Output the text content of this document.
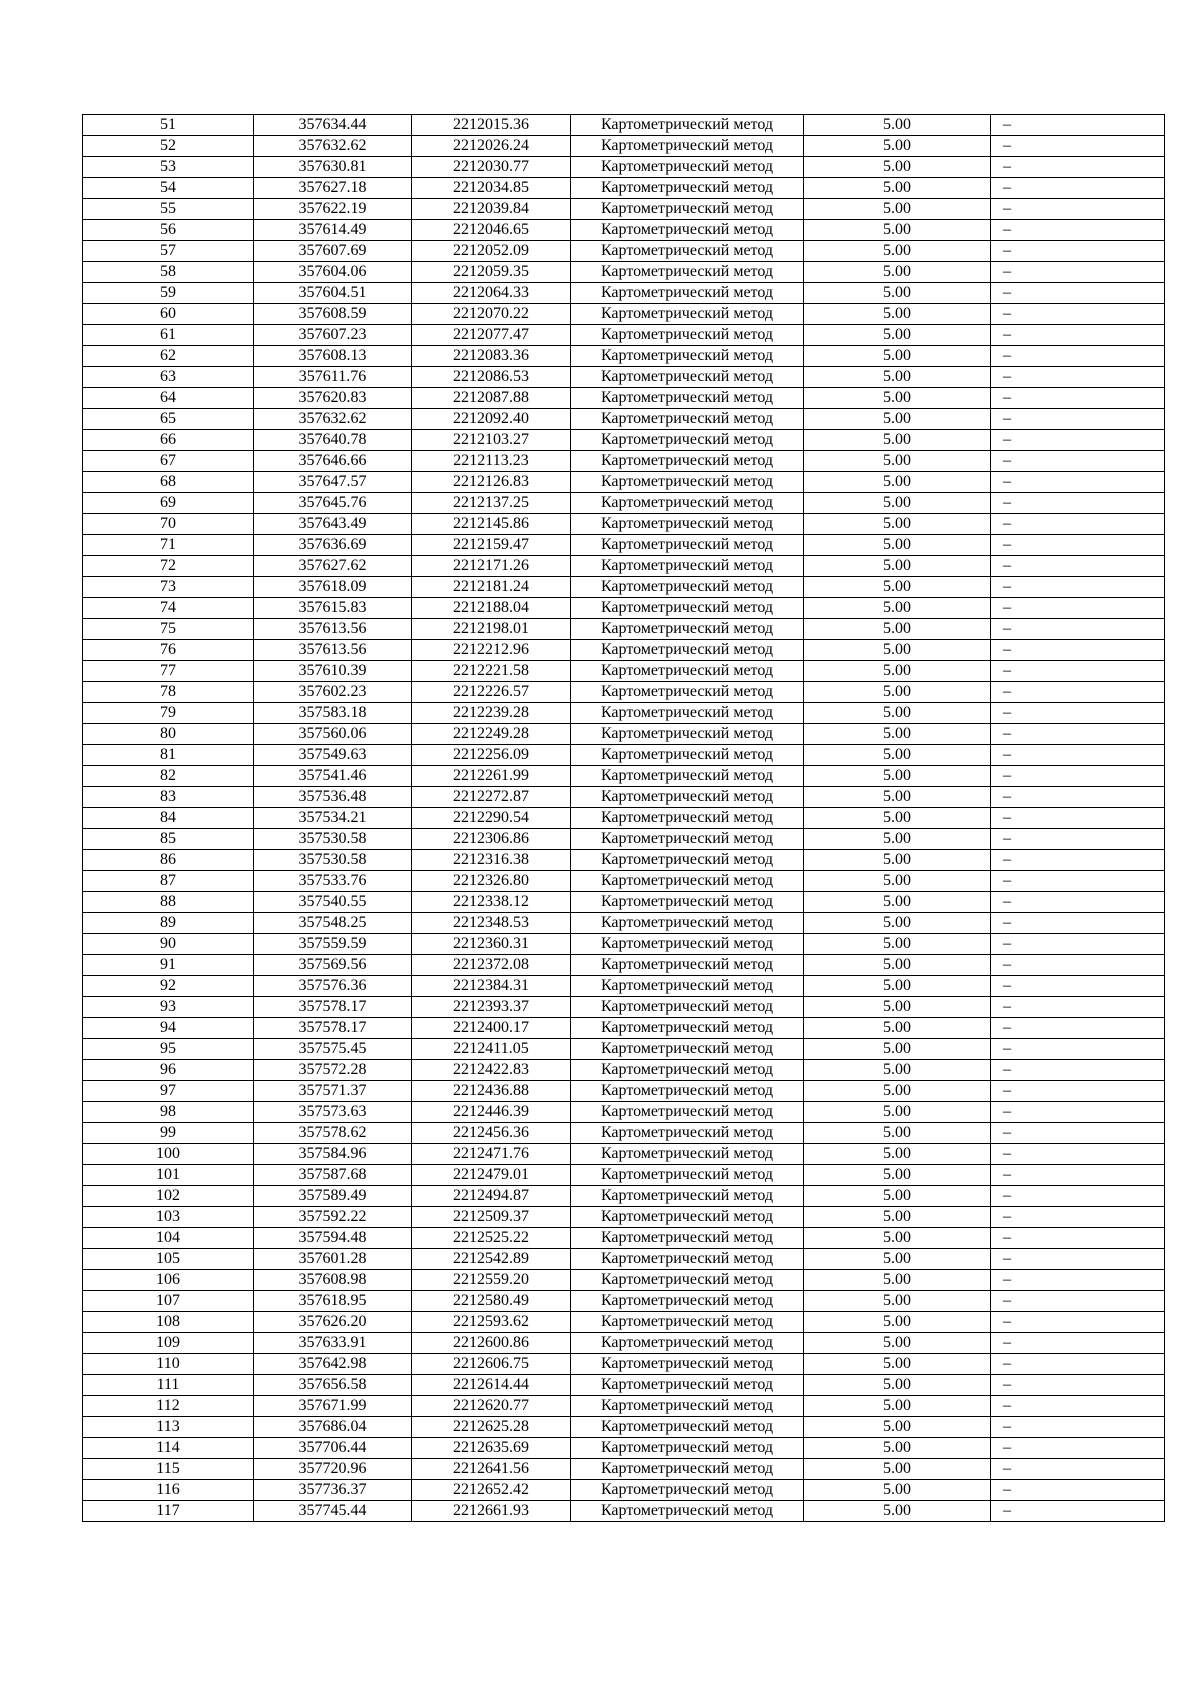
51	357634.44	2212015.36	Картометрический метод	5.00	–
52	357632.62	2212026.24	Картометрический метод	5.00	–
53	357630.81	2212030.77	Картометрический метод	5.00	–
54	357627.18	2212034.85	Картометрический метод	5.00	–
55	357622.19	2212039.84	Картометрический метод	5.00	–
56	357614.49	2212046.65	Картометрический метод	5.00	–
57	357607.69	2212052.09	Картометрический метод	5.00	–
58	357604.06	2212059.35	Картометрический метод	5.00	–
59	357604.51	2212064.33	Картометрический метод	5.00	–
60	357608.59	2212070.22	Картометрический метод	5.00	–
61	357607.23	2212077.47	Картометрический метод	5.00	–
62	357608.13	2212083.36	Картометрический метод	5.00	–
63	357611.76	2212086.53	Картометрический метод	5.00	–
64	357620.83	2212087.88	Картометрический метод	5.00	–
65	357632.62	2212092.40	Картометрический метод	5.00	–
66	357640.78	2212103.27	Картометрический метод	5.00	–
67	357646.66	2212113.23	Картометрический метод	5.00	–
68	357647.57	2212126.83	Картометрический метод	5.00	–
69	357645.76	2212137.25	Картометрический метод	5.00	–
70	357643.49	2212145.86	Картометрический метод	5.00	–
71	357636.69	2212159.47	Картометрический метод	5.00	–
72	357627.62	2212171.26	Картометрический метод	5.00	–
73	357618.09	2212181.24	Картометрический метод	5.00	–
74	357615.83	2212188.04	Картометрический метод	5.00	–
75	357613.56	2212198.01	Картометрический метод	5.00	–
76	357613.56	2212212.96	Картометрический метод	5.00	–
77	357610.39	2212221.58	Картометрический метод	5.00	–
78	357602.23	2212226.57	Картометрический метод	5.00	–
79	357583.18	2212239.28	Картометрический метод	5.00	–
80	357560.06	2212249.28	Картометрический метод	5.00	–
81	357549.63	2212256.09	Картометрический метод	5.00	–
82	357541.46	2212261.99	Картометрический метод	5.00	–
83	357536.48	2212272.87	Картометрический метод	5.00	–
84	357534.21	2212290.54	Картометрический метод	5.00	–
85	357530.58	2212306.86	Картометрический метод	5.00	–
86	357530.58	2212316.38	Картометрический метод	5.00	–
87	357533.76	2212326.80	Картометрический метод	5.00	–
88	357540.55	2212338.12	Картометрический метод	5.00	–
89	357548.25	2212348.53	Картометрический метод	5.00	–
90	357559.59	2212360.31	Картометрический метод	5.00	–
91	357569.56	2212372.08	Картометрический метод	5.00	–
92	357576.36	2212384.31	Картометрический метод	5.00	–
93	357578.17	2212393.37	Картометрический метод	5.00	–
94	357578.17	2212400.17	Картометрический метод	5.00	–
95	357575.45	2212411.05	Картометрический метод	5.00	–
96	357572.28	2212422.83	Картометрический метод	5.00	–
97	357571.37	2212436.88	Картометрический метод	5.00	–
98	357573.63	2212446.39	Картометрический метод	5.00	–
99	357578.62	2212456.36	Картометрический метод	5.00	–
100	357584.96	2212471.76	Картометрический метод	5.00	–
101	357587.68	2212479.01	Картометрический метод	5.00	–
102	357589.49	2212494.87	Картометрический метод	5.00	–
103	357592.22	2212509.37	Картометрический метод	5.00	–
104	357594.48	2212525.22	Картометрический метод	5.00	–
105	357601.28	2212542.89	Картометрический метод	5.00	–
106	357608.98	2212559.20	Картометрический метод	5.00	–
107	357618.95	2212580.49	Картометрический метод	5.00	–
108	357626.20	2212593.62	Картометрический метод	5.00	–
109	357633.91	2212600.86	Картометрический метод	5.00	–
110	357642.98	2212606.75	Картометрический метод	5.00	–
111	357656.58	2212614.44	Картометрический метод	5.00	–
112	357671.99	2212620.77	Картометрический метод	5.00	–
113	357686.04	2212625.28	Картометрический метод	5.00	–
114	357706.44	2212635.69	Картометрический метод	5.00	–
115	357720.96	2212641.56	Картометрический метод	5.00	–
116	357736.37	2212652.42	Картометрический метод	5.00	–
117	357745.44	2212661.93	Картометрический метод	5.00	–
